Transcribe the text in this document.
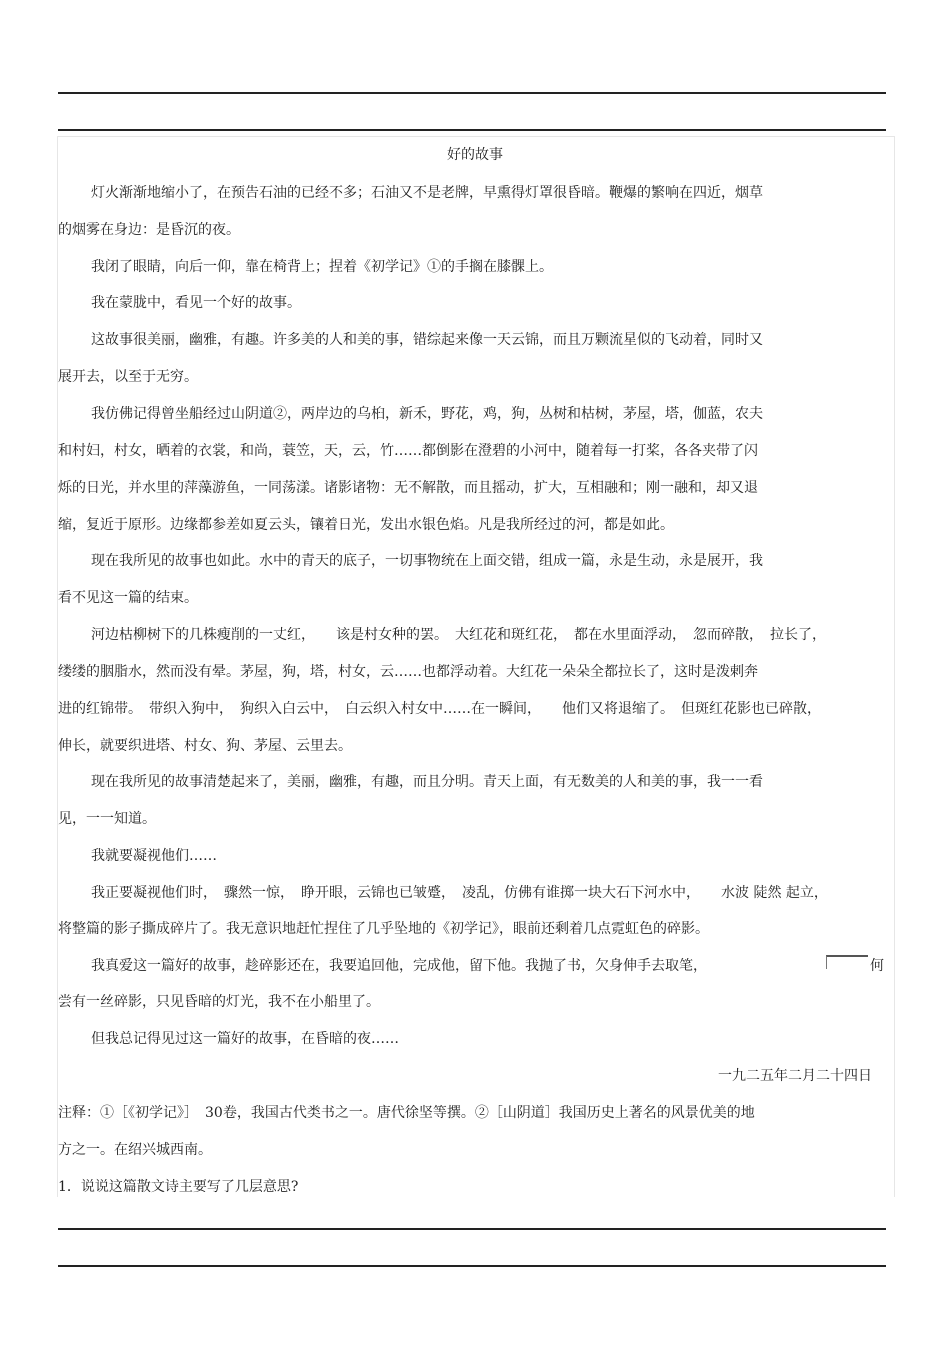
好的故事
灯火渐渐地缩小了，在预告石油的已经不多；石油又不是老牌，早熏得灯罩很昏暗。鞭爆的繁响在四近，烟草
的烟雾在身边：是昏沉的夜。
我闭了眼睛，向后一仰，靠在椅背上；捏着《初学记》①的手搁在膝髁上。
我在蒙胧中，看见一个好的故事。
这故事很美丽，幽雅，有趣。许多美的人和美的事，错综起来像一天云锦，而且万颗流星似的飞动着，同时又
展开去，以至于无穷。
我仿佛记得曾坐船经过山阴道②，两岸边的乌桕，新禾，野花，鸡，狗，丛树和枯树，茅屋，塔，伽蓝，农夫
和村妇，村女，晒着的衣裳，和尚，蓑笠，天，云，竹……都倒影在澄碧的小河中，随着每一打桨，各各夹带了闪
烁的日光，并水里的萍藻游鱼，一同荡漾。诸影诸物：无不解散，而且摇动，扩大，互相融和；刚一融和，却又退
缩，复近于原形。边缘都参差如夏云头，镶着日光，发出水银色焰。凡是我所经过的河，都是如此。
现在我所见的故事也如此。水中的青天的底子，一切事物统在上面交错，组成一篇，永是生动，永是展开，我
看不见这一篇的结束。
河边枯柳树下的几株瘦削的一丈红，　　该是村女种的罢。　大红花和斑红花，　都在水里面浮动，　忽而碎散，　拉长了，
缕缕的胭脂水，然而没有晕。茅屋，狗，塔，村女，云……也都浮动着。大红花一朵朵全都拉长了，这时是泼剌奔
进的红锦带。　带织入狗中，　狗织入白云中，　白云织入村女中……在一瞬间，　　他们又将退缩了。　但斑红花影也已碎散，
伸长，就要织进塔、村女、狗、茅屋、云里去。
现在我所见的故事清楚起来了，美丽，幽雅，有趣，而且分明。青天上面，有无数美的人和美的事，我一一看
见，一一知道。
我就要凝视他们……
我正要凝视他们时，　骤然一惊，　睁开眼，云锦也已皱蹙，　凌乱，仿佛有谁掷一块大石下河水中，　　水波 陡然 起立，
将整篇的影子撕成碎片了。我无意识地赶忙捏住了几乎坠地的《初学记》，眼前还剩着几点霓虹色的碎影。
我真爱这一篇好的故事，趁碎影还在，我要追回他，完成他，留下他。我抛了书，欠身伸手去取笔，	何
尝有一丝碎影，只见昏暗的灯光，我不在小船里了。
但我总记得见过这一篇好的故事，在昏暗的夜……
一九二五年二月二十四日
注释：①［《初学记》］　30卷，我国古代类书之一。唐代徐坚等撰。②［山阴道］我国历史上著名的风景优美的地
方之一。在绍兴城西南。
1．说说这篇散文诗主要写了几层意思?
